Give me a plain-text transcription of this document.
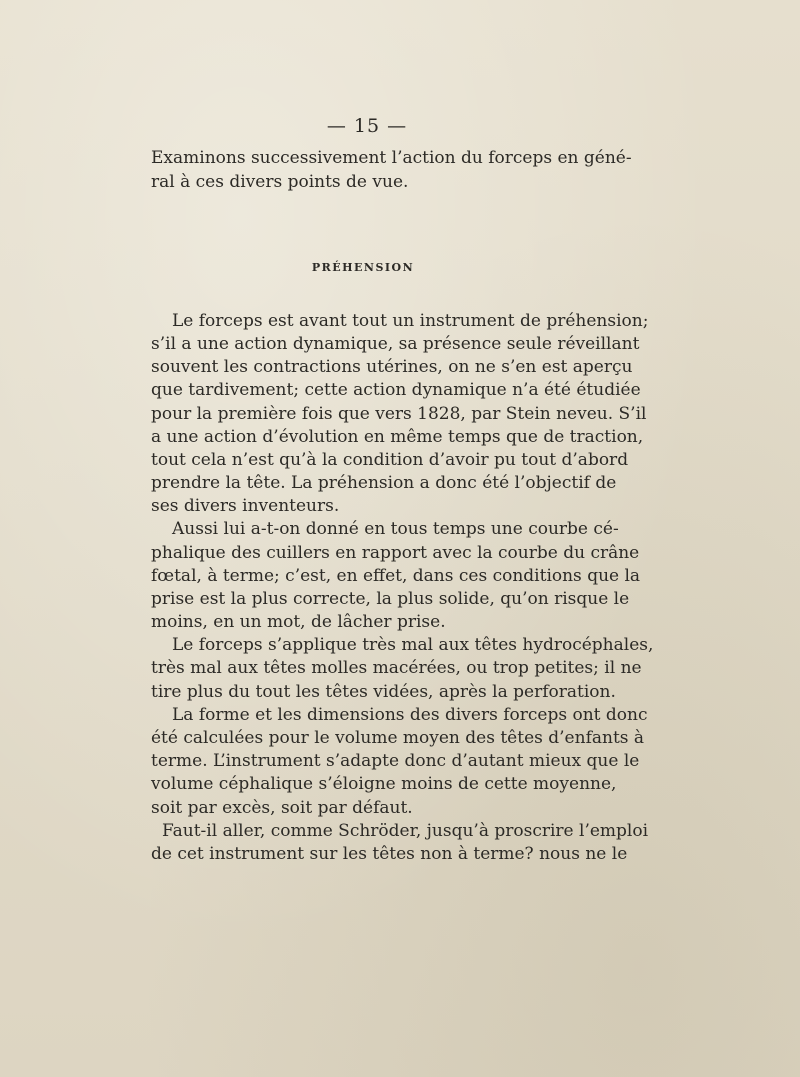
— 15 —
Examinons successivement l’action du forceps en géné-
ral à ces divers points de vue.
PRÉHENSION
Le forceps est avant tout un instrument de préhension;
s’il a une action dynamique, sa présence seule réveillant
souvent les contractions utérines, on ne s’en est aperçu
que tardivement; cette action dynamique n’a été étudiée
pour la première fois que vers 1828, par Stein neveu. S’il
a une action d’évolution en même temps que de traction,
tout cela n’est qu’à la condition d’avoir pu tout d’abord
prendre la tête. La préhension a donc été l’objectif de
ses divers inventeurs.
Aussi lui a-t-on donné en tous temps une courbe cé-
phalique des cuillers en rapport avec la courbe du crâne
fœtal, à terme; c’est, en effet, dans ces conditions que la
prise est la plus correcte, la plus solide, qu’on risque le
moins, en un mot, de lâcher prise.
Le forceps s’applique très mal aux têtes hydrocéphales,
très mal aux têtes molles macérées, ou trop petites; il ne
tire plus du tout les têtes vidées, après la perforation.
La forme et les dimensions des divers forceps ont donc
été calculées pour le volume moyen des têtes d’enfants à
terme. L’instrument s’adapte donc d’autant mieux que le
volume céphalique s’éloigne moins de cette moyenne,
soit par excès, soit par défaut.
Faut-il aller, comme Schröder, jusqu’à proscrire l’emploi
de cet instrument sur les têtes non à terme? nous ne le
